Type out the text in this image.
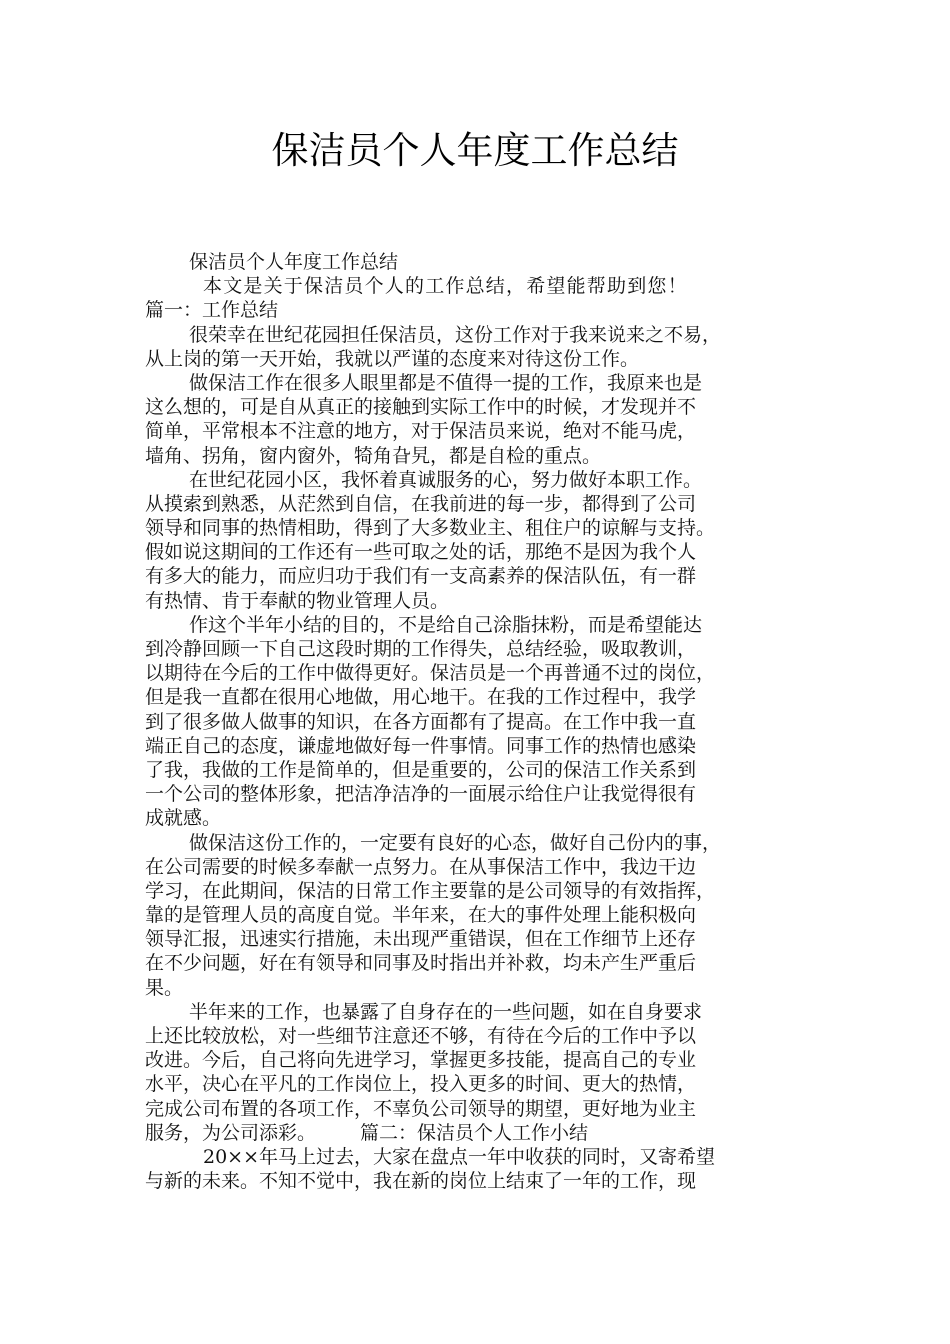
保洁员个人年度工作总结
保洁员个人年度工作总结
本文是关于保洁员个人的工作总结，希望能帮助到您！
篇一：工作总结
很荣幸在世纪花园担任保洁员，这份工作对于我来说来之不易，
从上岗的第一天开始，我就以严谨的态度来对待这份工作。
做保洁工作在很多人眼里都是不值得一提的工作，我原来也是
这么想的，可是自从真正的接触到实际工作中的时候，才发现并不
简单，平常根本不注意的地方，对于保洁员来说，绝对不能马虎，
墙角、拐角，窗内窗外，犄角旮旯，都是自检的重点。
在世纪花园小区，我怀着真诚服务的心，努力做好本职工作。
从摸索到熟悉，从茫然到自信，在我前进的每一步，都得到了公司
领导和同事的热情相助，得到了大多数业主、租住户的谅解与支持。
假如说这期间的工作还有一些可取之处的话，那绝不是因为我个人
有多大的能力，而应归功于我们有一支高素养的保洁队伍，有一群
有热情、肯于奉献的物业管理人员。
作这个半年小结的目的，不是给自己涂脂抹粉，而是希望能达
到冷静回顾一下自己这段时期的工作得失，总结经验，吸取教训，
以期待在今后的工作中做得更好。保洁员是一个再普通不过的岗位，
但是我一直都在很用心地做，用心地干。在我的工作过程中，我学
到了很多做人做事的知识，在各方面都有了提高。在工作中我一直
端正自己的态度，谦虚地做好每一件事情。同事工作的热情也感染
了我，我做的工作是简单的，但是重要的，公司的保洁工作关系到
一个公司的整体形象，把洁净洁净的一面展示给住户让我觉得很有
成就感。
做保洁这份工作的，一定要有良好的心态，做好自己份内的事，
在公司需要的时候多奉献一点努力。在从事保洁工作中，我边干边
学习，在此期间，保洁的日常工作主要靠的是公司领导的有效指挥，
靠的是管理人员的高度自觉。半年来，在大的事件处理上能积极向
领导汇报，迅速实行措施，未出现严重错误，但在工作细节上还存
在不少问题，好在有领导和同事及时指出并补救，均未产生严重后
果。
半年来的工作，也暴露了自身存在的一些问题，如在自身要求
上还比较放松，对一些细节注意还不够，有待在今后的工作中予以
改进。今后，自己将向先进学习，掌握更多技能，提高自己的专业
水平，决心在平凡的工作岗位上，投入更多的时间、更大的热情，
完成公司布置的各项工作，不辜负公司领导的期望，更好地为业主
服务，为公司添彩。 篇二：保洁员个人工作小结
20××年马上过去，大家在盘点一年中收获的同时，又寄希望
与新的未来。不知不觉中，我在新的岗位上结束了一年的工作，现
